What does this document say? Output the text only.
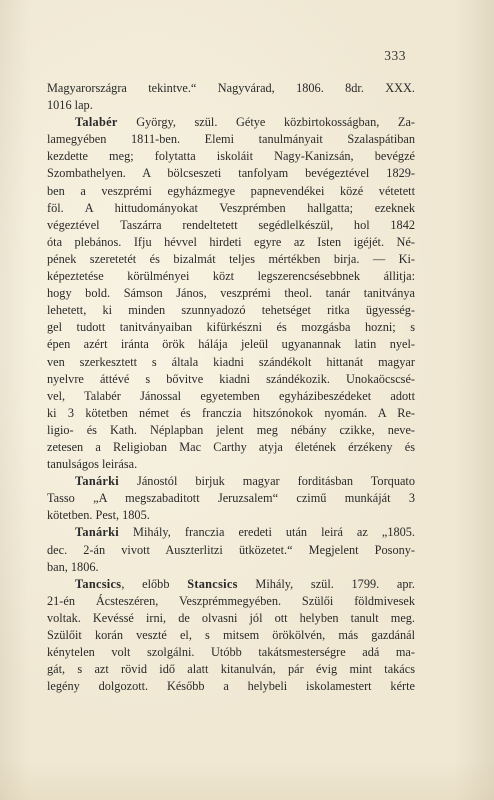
333
Magyarországra tekintve.“ Nagyvárad, 1806. 8dr. XXX.
1016 lap.
Talabér György, szül. Gétye közbirtokosságban, Za-
lamegyében 1811-ben. Elemi tanulmányait Szalaspátiban
kezdette meg; folytatta iskoláit Nagy-Kanizsán, bevégzé
Szombathelyen. A bölcseszeti tanfolyam bevégeztével 1829-
ben a veszprémi egyházmegye papnevendékei közé vétetett
föl. A hittudományokat Veszprémben hallgatta; ezeknek
végeztével Taszárra rendeltetett segédlelkészül, hol 1842
óta plebános. Ifju hévvel hirdeti egyre az Isten igéjét. Né-
pének szeretetét és bizalmát teljes mértékben birja. — Ki-
képeztetése körülményei közt legszerencsésebbnek állitja:
hogy bold. Sámson János, veszprémi theol. tanár tanitványa
lehetett, ki minden szunnyadozó tehetséget ritka ügyesség-
gel tudott tanitványaiban kifürkészni és mozgásba hozni; s
épen azért iránta örök hálája jeleül ugyanannak latin nyel-
ven szerkesztett s általa kiadni szándékolt hittanát magyar
nyelvre áttévé s bővitve kiadni szándékozik. Unokaöcscsé-
vel, Talabér Jánossal egyetemben egyházibeszédeket adott
ki 3 kötetben német és franczia hitszónokok nyomán. A Re-
ligio- és Kath. Néplapban jelent meg nébány czikke, neve-
zetesen a Religioban Mac Carthy atyja életének érzékeny és
tanulságos leirása.
Tanárki Jánostól birjuk magyar forditásban Torquato
Tasso „A megszabaditott Jeruzsalem“ czimű munkáját 3
kötetben. Pest, 1805.
Tanárki Mihály, franczia eredeti után leirá az „1805.
dec. 2-án vivott Auszterlitzi ütközetet.“ Megjelent Posony-
ban, 1806.
Tancsics, előbb Stancsics Mihály, szül. 1799. apr.
21-én Ácsteszéren, Veszprémmegyében. Szülői földmivesek
voltak. Kevéssé irni, de olvasni jól ott helyben tanult meg.
Szülőit korán veszté el, s mitsem örökölvén, más gazdánál
kénytelen volt szolgálni. Utóbb takátsmesterségre adá ma-
gát, s azt rövid idő alatt kitanulván, pár évig mint takács
legény dolgozott. Később a helybeli iskolamestert kérte
